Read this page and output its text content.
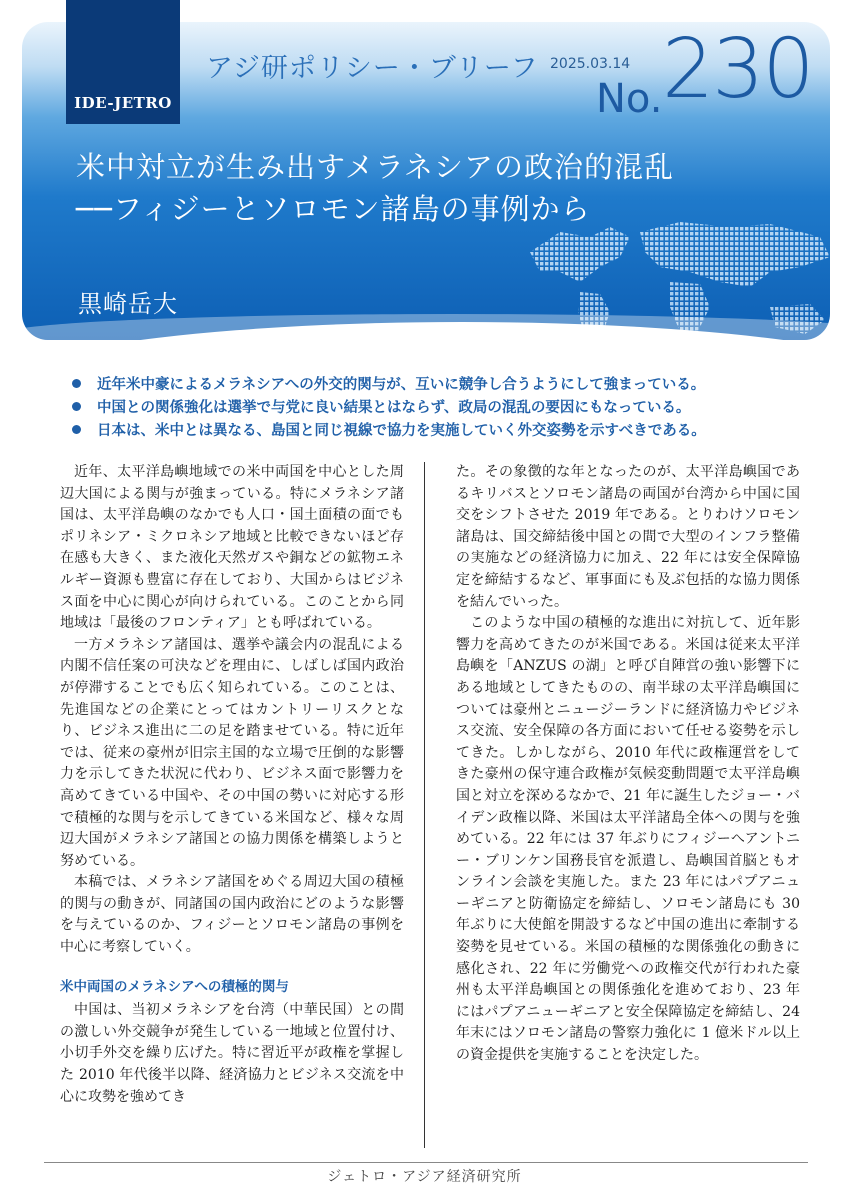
IDE-JETRO
アジ研ポリシー・ブリーフ 2025.03.14
No. 230
米中対立が生み出すメラネシアの政治的混乱
──フィジーとソロモン諸島の事例から
黒崎岳大
近年米中豪によるメラネシアへの外交的関与が、互いに競争し合うようにして強まっている。
中国との関係強化は選挙で与党に良い結果とはならず、政局の混乱の要因にもなっている。
日本は、米中とは異なる、島国と同じ視線で協力を実施していく外交姿勢を示すべきである。

近年、太平洋島嶼地域での米中両国を中心とした周辺大国による関与が強まっている。特にメラネシア諸国は、太平洋島嶼のなかでも人口・国土面積の面でもポリネシア・ミクロネシア地域と比較できないほど存在感も大きく、また液化天然ガスや銅などの鉱物エネルギー資源も豊富に存在しており、大国からはビジネス面を中心に関心が向けられている。このことから同地域は「最後のフロンティア」とも呼ばれている。

一方メラネシア諸国は、選挙や議会内の混乱による内閣不信任案の可決などを理由に、しばしば国内政治が停滞することでも広く知られている。このことは、先進国などの企業にとってはカントリーリスクとなり、ビジネス進出に二の足を踏ませている。特に近年では、従来の豪州が旧宗主国的な立場で圧倒的な影響力を示してきた状況に代わり、ビジネス面で影響力を高めてきている中国や、その中国の勢いに対応する形で積極的な関与を示してきている米国など、様々な周辺大国がメラネシア諸国との協力関係を構築しようと努めている。

本稿では、メラネシア諸国をめぐる周辺大国の積極的関与の動きが、同諸国の国内政治にどのような影響を与えているのか、フィジーとソロモン諸島の事例を中心に考察していく。

米中両国のメラネシアへの積極的関与

中国は、当初メラネシアを台湾（中華民国）との間の激しい外交競争が発生している一地域と位置付け、小切手外交を繰り広げた。特に習近平が政権を掌握した 2010 年代後半以降、経済協力とビジネス交流を中心に攻勢を強めてき

た。その象徴的な年となったのが、太平洋島嶼国であるキリバスとソロモン諸島の両国が台湾から中国に国交をシフトさせた 2019 年である。とりわけソロモン諸島は、国交締結後中国との間で大型のインフラ整備の実施などの経済協力に加え、22 年には安全保障協定を締結するなど、軍事面にも及ぶ包括的な協力関係を結んでいった。

このような中国の積極的な進出に対抗して、近年影響力を高めてきたのが米国である。米国は従来太平洋島嶼を「ANZUS の湖」と呼び自陣営の強い影響下にある地域としてきたものの、南半球の太平洋島嶼国については豪州とニュージーランドに経済協力やビジネス交流、安全保障の各方面において任せる姿勢を示してきた。しかしながら、2010 年代に政権運営をしてきた豪州の保守連合政権が気候変動問題で太平洋島嶼国と対立を深めるなかで、21 年に誕生したジョー・バイデン政権以降、米国は太平洋諸島全体への関与を強めている。22 年には 37 年ぶりにフィジーへアントニー・ブリンケン国務長官を派遣し、島嶼国首脳ともオンライン会談を実施した。また 23 年にはパプアニューギニアと防衛協定を締結し、ソロモン諸島にも 30 年ぶりに大使館を開設するなど中国の進出に牽制する姿勢を見せている。米国の積極的な関係強化の動きに感化され、22 年に労働党への政権交代が行われた豪州も太平洋島嶼国との関係強化を進めており、23 年にはパプアニューギニアと安全保障協定を締結し、24 年末にはソロモン諸島の警察力強化に 1 億米ドル以上の資金提供を実施することを決定した。

ジェトロ・アジア経済研究所
